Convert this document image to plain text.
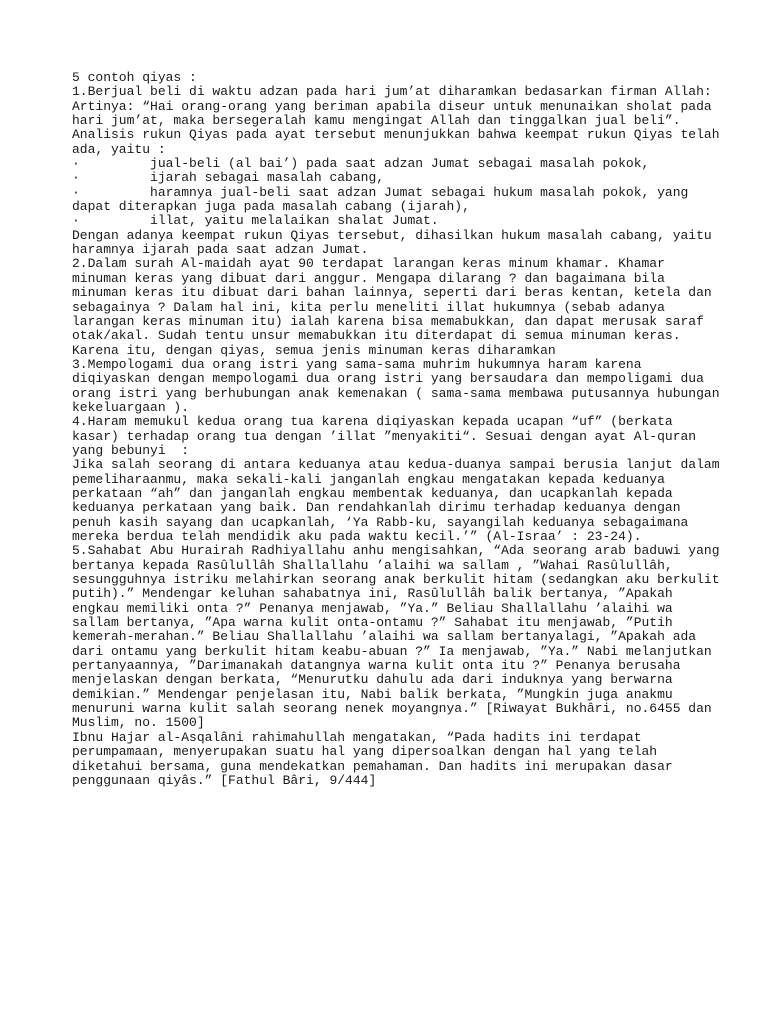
5 contoh qiyas :
1.Berjual beli di waktu adzan pada hari jum’at diharamkan bedasarkan firman Allah:
Artinya: “Hai orang-orang yang beriman apabila diseur untuk menunaikan sholat pada
hari jum’at, maka bersegeralah kamu mengingat Allah dan tinggalkan jual beli”.
Analisis rukun Qiyas pada ayat tersebut menunjukkan bahwa keempat rukun Qiyas telah
ada, yaitu :
·         jual-beli (al bai’) pada saat adzan Jumat sebagai masalah pokok,
·         ijarah sebagai masalah cabang,
·         haramnya jual-beli saat adzan Jumat sebagai hukum masalah pokok, yang
dapat diterapkan juga pada masalah cabang (ijarah),
·         illat, yaitu melalaikan shalat Jumat.
Dengan adanya keempat rukun Qiyas tersebut, dihasilkan hukum masalah cabang, yaitu
haramnya ijarah pada saat adzan Jumat.
2.Dalam surah Al-maidah ayat 90 terdapat larangan keras minum khamar. Khamar
minuman keras yang dibuat dari anggur. Mengapa dilarang ? dan bagaimana bila
minuman keras itu dibuat dari bahan lainnya, seperti dari beras kentan, ketela dan
sebagainya ? Dalam hal ini, kita perlu meneliti illat hukumnya (sebab adanya
larangan keras minuman itu) ialah karena bisa memabukkan, dan dapat merusak saraf
otak/akal. Sudah tentu unsur memabukkan itu diterdapat di semua minuman keras.
Karena itu, dengan qiyas, semua jenis minuman keras diharamkan
3.Mempologami dua orang istri yang sama-sama muhrim hukumnya haram karena
diqiyaskan dengan mempologami dua orang istri yang bersaudara dan mempoligami dua
orang istri yang berhubungan anak kemenakan ( sama-sama membawa putusannya hubungan
kekeluargaan ).
4.Haram memukul kedua orang tua karena diqiyaskan kepada ucapan “uf” (berkata
kasar) terhadap orang tua dengan ’illat ”menyakiti“. Sesuai dengan ayat Al-quran
yang bebunyi  :
Jika salah seorang di antara keduanya atau kedua-duanya sampai berusia lanjut dalam
pemeliharaanmu, maka sekali-kali janganlah engkau mengatakan kepada keduanya
perkataan “ah” dan janganlah engkau membentak keduanya, dan ucapkanlah kepada
keduanya perkataan yang baik. Dan rendahkanlah dirimu terhadap keduanya dengan
penuh kasih sayang dan ucapkanlah, ‘Ya Rabb-ku, sayangilah keduanya sebagaimana
mereka berdua telah mendidik aku pada waktu kecil.’” (Al-Israa’ : 23-24).
5.Sahabat Abu Hurairah Radhiyallahu anhu mengisahkan, “Ada seorang arab baduwi yang
bertanya kepada Rasûlullâh Shallallahu ’alaihi wa sallam , ”Wahai Rasûlullâh,
sesungguhnya istriku melahirkan seorang anak berkulit hitam (sedangkan aku berkulit
putih).” Mendengar keluhan sahabatnya ini, Rasûlullâh balik bertanya, ”Apakah
engkau memiliki onta ?” Penanya menjawab, ”Ya.” Beliau Shallallahu ’alaihi wa
sallam bertanya, ”Apa warna kulit onta-ontamu ?” Sahabat itu menjawab, ”Putih
kemerah-merahan.” Beliau Shallallahu ’alaihi wa sallam bertanyalagi, ”Apakah ada
dari ontamu yang berkulit hitam keabu-abuan ?” Ia menjawab, ”Ya.” Nabi melanjutkan
pertanyaannya, ”Darimanakah datangnya warna kulit onta itu ?” Penanya berusaha
menjelaskan dengan berkata, “Menurutku dahulu ada dari induknya yang berwarna
demikian.” Mendengar penjelasan itu, Nabi balik berkata, ”Mungkin juga anakmu
menuruni warna kulit salah seorang nenek moyangnya.” [Riwayat Bukhâri, no.6455 dan
Muslim, no. 1500]
Ibnu Hajar al-Asqalâni rahimahullah mengatakan, “Pada hadits ini terdapat
perumpamaan, menyerupakan suatu hal yang dipersoalkan dengan hal yang telah
diketahui bersama, guna mendekatkan pemahaman. Dan hadits ini merupakan dasar
penggunaan qiyâs.” [Fathul Bâri, 9/444]
